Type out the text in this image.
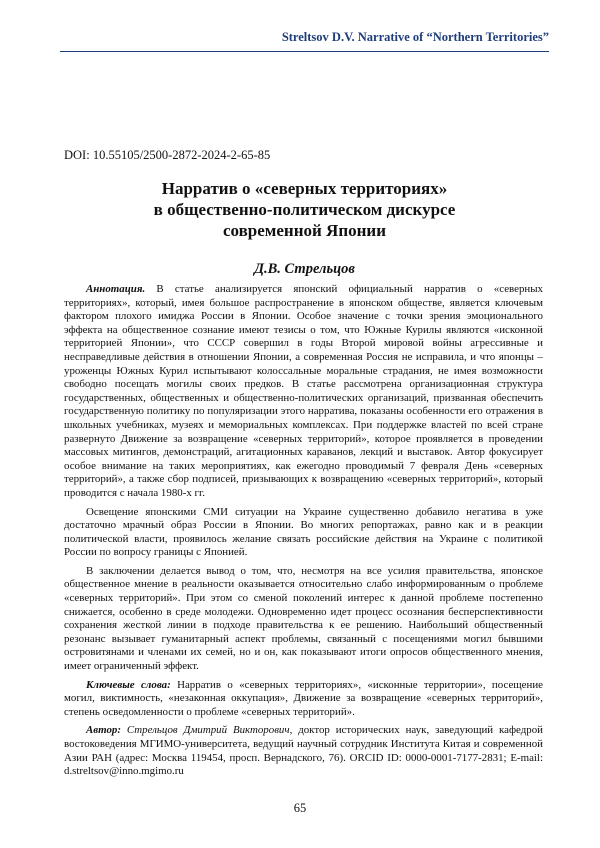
Streltsov D.V. Narrative of “Northern Territories”
DOI: 10.55105/2500-2872-2024-2-65-85
Нарратив о «северных территориях»
в общественно-политическом дискурсе
современной Японии
Д.В. Стрельцов

Аннотация. В статье анализируется японский официальный нарратив о «северных территориях», который, имея большое распространение в японском обществе, является ключевым фактором плохого имиджа России в Японии. Особое значение с точки зрения эмоционального эффекта на общественное сознание имеют тезисы о том, что Южные Курилы являются «исконной территорией Японии», что СССР совершил в годы Второй мировой войны агрессивные и несправедливые действия в отношении Японии, а современная Россия не исправила, и что японцы – уроженцы Южных Курил испытывают колоссальные моральные страдания, не имея возможности свободно посещать могилы своих предков. В статье рассмотрена организационная структура государственных, общественных и общественно-политических организаций, призванная обеспечить государственную политику по популяризации этого нарратива, показаны особенности его отражения в школьных учебниках, музеях и мемориальных комплексах. При поддержке властей по всей стране развернуто Движение за возвращение «северных территорий», которое проявляется в проведении массовых митингов, демонстраций, агитационных караванов, лекций и выставок. Автор фокусирует особое внимание на таких мероприятиях, как ежегодно проводимый 7 февраля День «северных территорий», а также сбор подписей, призывающих к возвращению «северных территорий», который проводится с начала 1980-х гг.

Освещение японскими СМИ ситуации на Украине существенно добавило негатива в уже достаточно мрачный образ России в Японии. Во многих репортажах, равно как и в реакции политической власти, проявилось желание связать российские действия на Украине с политикой России по вопросу границы с Японией.

В заключении делается вывод о том, что, несмотря на все усилия правительства, японское общественное мнение в реальности оказывается относительно слабо информированным о проблеме «северных территорий». При этом со сменой поколений интерес к данной проблеме постепенно снижается, особенно в среде молодежи. Одновременно идет процесс осознания бесперспективности сохранения жесткой линии в подходе правительства к ее решению. Наибольший общественный резонанс вызывает гуманитарный аспект проблемы, связанный с посещениями могил бывшими островитянами и членами их семей, но и он, как показывают итоги опросов общественного мнения, имеет ограниченный эффект.

Ключевые слова: Нарратив о «северных территориях», «исконные территории», посещение могил, виктимность, «незаконная оккупация», Движение за возвращение «северных территорий», степень осведомленности о проблеме «северных территорий».

Автор: Стрельцов Дмитрий Викторович, доктор исторических наук, заведующий кафедрой востоковедения МГИМО-университета, ведущий научный сотрудник Института Китая и современной Азии РАН (адрес: Москва 119454, просп. Вернадского, 76). ORCID ID: 0000-0001-7177-2831; E-mail: d.streltsov@inno.mgimo.ru

65
